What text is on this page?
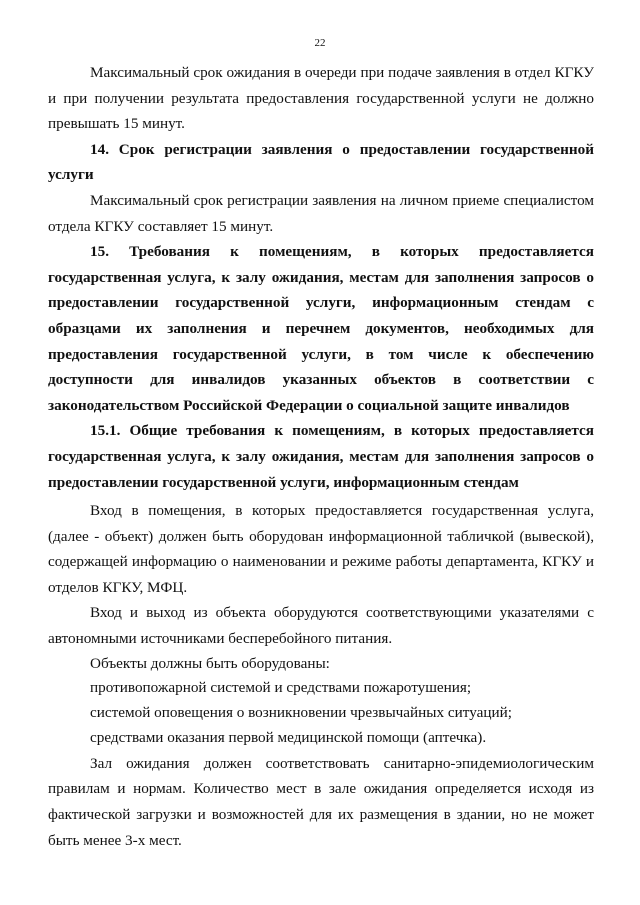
22

Максимальный срок ожидания в очереди при подаче заявления в отдел КГКУ и при получении результата предоставления государственной услуги не должно превышать 15 минут.

14. Срок регистрации заявления о предоставлении государственной услуги

Максимальный срок регистрации заявления на личном приеме специалистом отдела КГКУ составляет 15 минут.

15. Требования к помещениям, в которых предоставляется государственная услуга, к залу ожидания, местам для заполнения запросов о предоставлении государственной услуги, информационным стендам с образцами их заполнения и перечнем документов, необходимых для предоставления государственной услуги, в том числе к обеспечению доступности для инвалидов указанных объектов в соответствии с законодательством Российской Федерации о социальной защите инвалидов

15.1. Общие требования к помещениям, в которых предоставляется государственная услуга, к залу ожидания, местам для заполнения запросов о предоставлении государственной услуги, информационным стендам

Вход в помещения, в которых предоставляется государственная услуга, (далее - объект) должен быть оборудован информационной табличкой (вывеской), содержащей информацию о наименовании и режиме работы департамента, КГКУ и отделов КГКУ, МФЦ.

Вход и выход из объекта оборудуются соответствующими указателями с автономными источниками бесперебойного питания.

Объекты должны быть оборудованы:

противопожарной системой и средствами пожаротушения;

системой оповещения о возникновении чрезвычайных ситуаций;

средствами оказания первой медицинской помощи (аптечка).

Зал ожидания должен соответствовать санитарно-эпидемиологическим правилам и нормам. Количество мест в зале ожидания определяется исходя из фактической загрузки и возможностей для их размещения в здании, но не может быть менее 3-х мест.
